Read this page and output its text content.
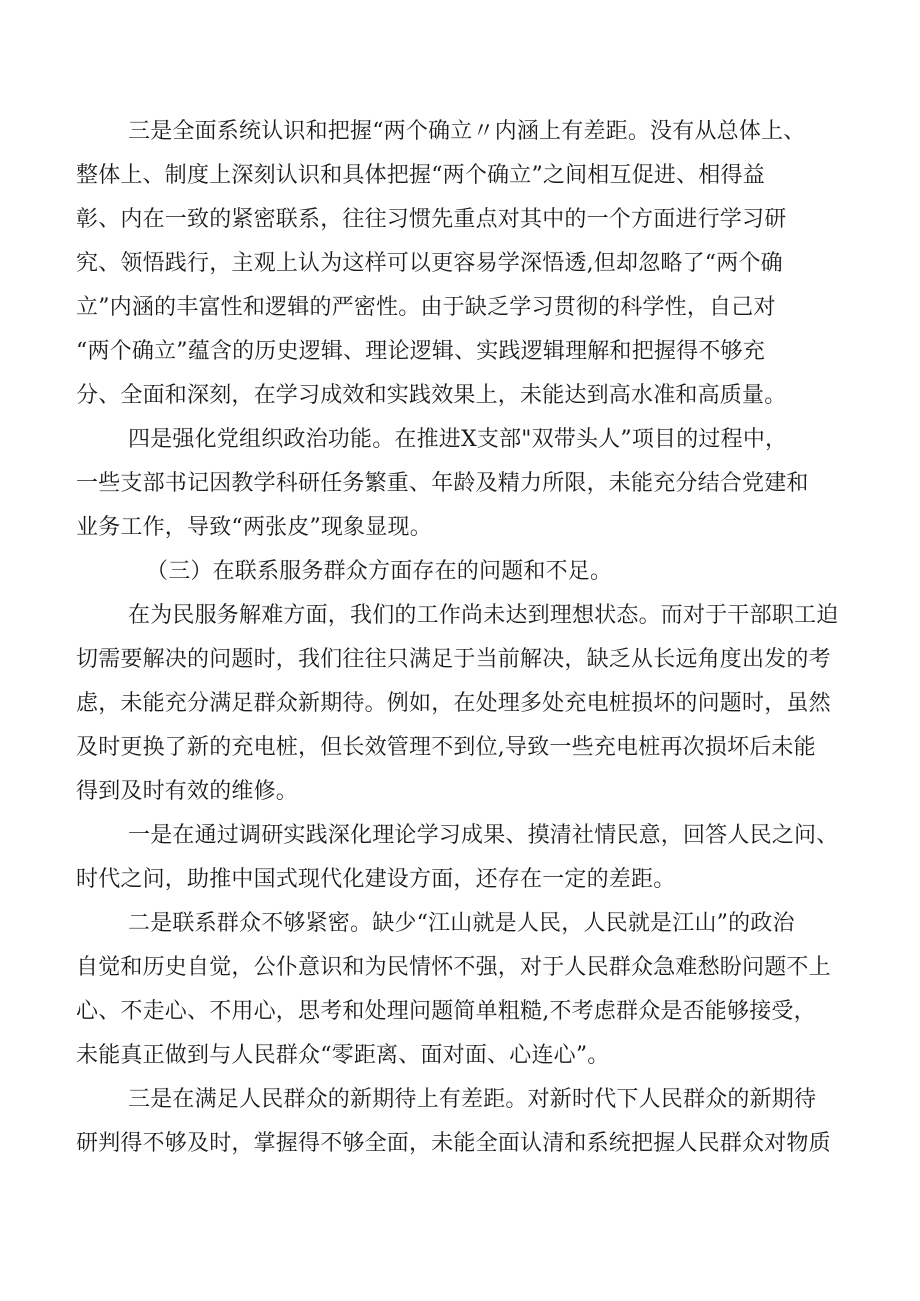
三是全面系统认识和把握“两个确立〃内涵上有差距。没有从总体上、
整体上、制度上深刻认识和具体把握“两个确立”之间相互促进、相得益
彰、内在一致的紧密联系，往往习惯先重点对其中的一个方面进行学习研
究、领悟践行，主观上认为这样可以更容易学深悟透,但却忽略了“两个确
立”内涵的丰富性和逻辑的严密性。由于缺乏学习贯彻的科学性，自己对
“两个确立”蕴含的历史逻辑、理论逻辑、实践逻辑理解和把握得不够充
分、全面和深刻，在学习成效和实践效果上，未能达到高水准和高质量。
四是强化党组织政治功能。在推进X支部"双带头人”项目的过程中，
一些支部书记因教学科研任务繁重、年龄及精力所限，未能充分结合党建和
业务工作，导致“两张皮”现象显现。
（三）在联系服务群众方面存在的问题和不足。
在为民服务解难方面，我们的工作尚未达到理想状态。而对于干部职工迫
切需要解决的问题时，我们往往只满足于当前解决，缺乏从长远角度出发的考
虑，未能充分满足群众新期待。例如，在处理多处充电桩损坏的问题时，虽然
及时更换了新的充电桩，但长效管理不到位,导致一些充电桩再次损坏后未能
得到及时有效的维修。
一是在通过调研实践深化理论学习成果、摸清社情民意，回答人民之问、
时代之问，助推中国式现代化建设方面，还存在一定的差距。
二是联系群众不够紧密。缺少“江山就是人民，人民就是江山”的政治
自觉和历史自觉，公仆意识和为民情怀不强，对于人民群众急难愁盼问题不上
心、不走心、不用心，思考和处理问题简单粗糙,不考虑群众是否能够接受，
未能真正做到与人民群众“零距离、面对面、心连心”。
三是在满足人民群众的新期待上有差距。对新时代下人民群众的新期待
研判得不够及时，掌握得不够全面，未能全面认清和系统把握人民群众对物质
